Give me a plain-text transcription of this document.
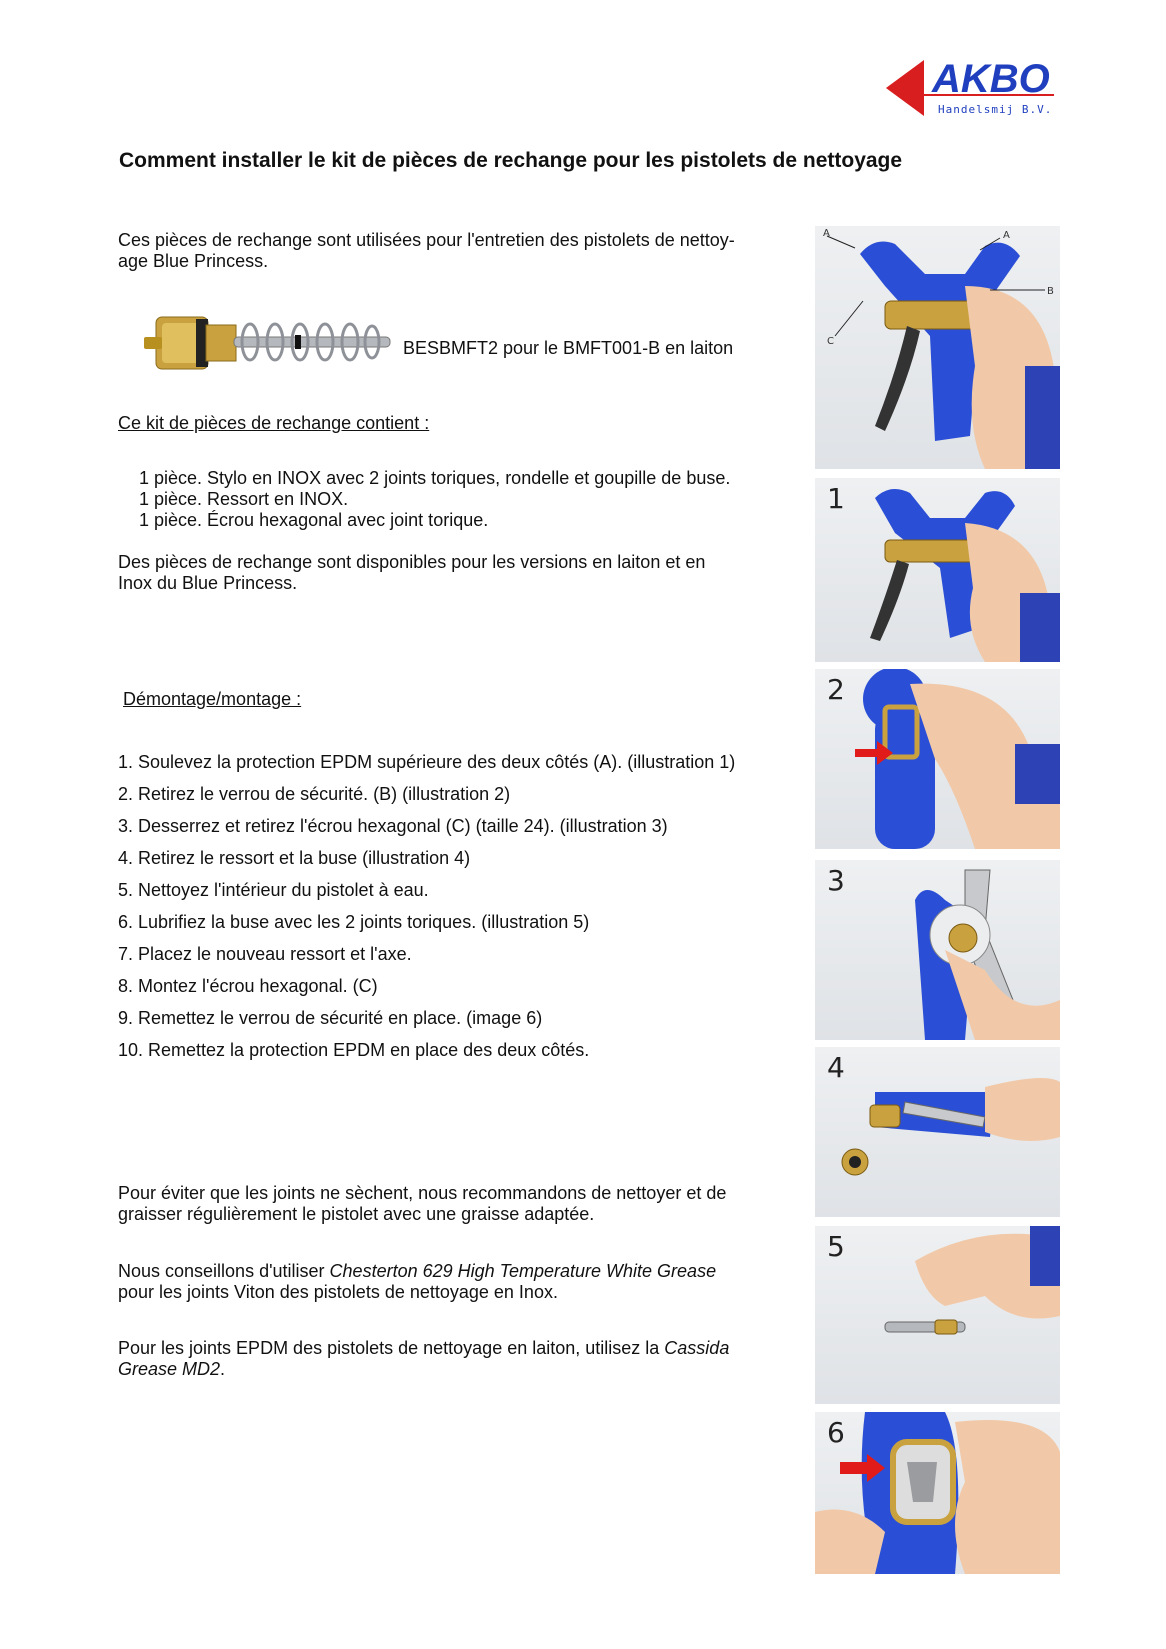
AKBO
Handelsmij B.V.
Comment installer le kit de pièces de rechange pour les pistolets de nettoyage
Ces pièces de rechange sont utilisées pour l'entretien des pistolets de nettoy-
age Blue Princess.
BESBMFT2 pour le BMFT001-B en laiton
Ce kit de pièces de rechange contient :
1 pièce. Stylo en INOX avec 2 joints toriques, rondelle et goupille de buse.
1 pièce. Ressort en INOX.
1 pièce. Écrou hexagonal avec joint torique.
Des pièces de rechange sont disponibles pour les versions en laiton et en
Inox du Blue Princess.
Démontage/montage :
1. Soulevez la protection EPDM supérieure des deux côtés (A). (illustration 1)
2. Retirez le verrou de sécurité. (B) (illustration 2)
3. Desserrez et retirez l'écrou hexagonal (C) (taille 24). (illustration 3)
4. Retirez le ressort et la buse (illustration 4)
5. Nettoyez l'intérieur du pistolet à eau.
6. Lubrifiez la buse avec les 2 joints toriques. (illustration 5)
7. Placez le nouveau ressort et l'axe.
8. Montez l'écrou hexagonal. (C)
9. Remettez le verrou de sécurité en place. (image 6)
10. Remettez la protection EPDM en place des deux côtés.
Pour éviter que les joints ne sèchent, nous recommandons de nettoyer et de
graisser régulièrement le pistolet avec une graisse adaptée.
Nous conseillons d'utiliser Chesterton 629 High Temperature White Grease
pour les joints Viton des pistolets de nettoyage en Inox.
Pour les joints EPDM des pistolets de nettoyage en laiton, utilisez la Cassida
Grease MD2.
A	A
B
C
1
2
3
4
5
6
